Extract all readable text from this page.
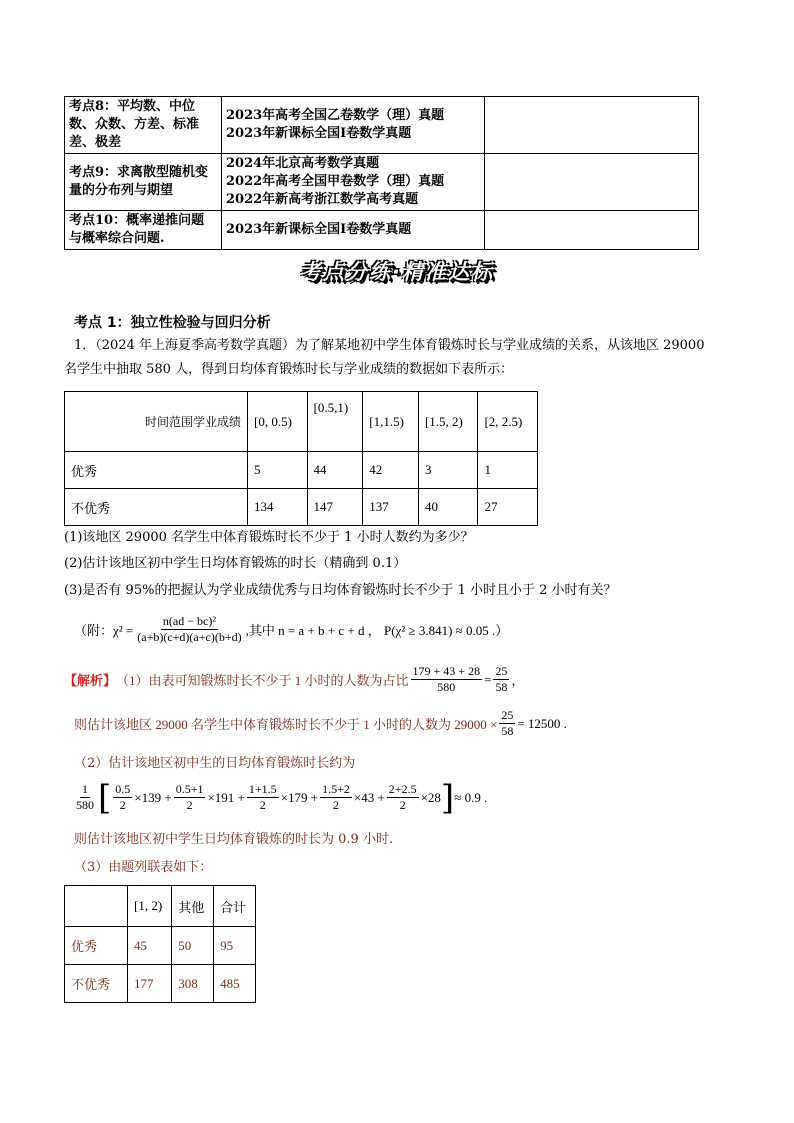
考点8：平均数、中位数、众数、方差、标准差、极差	2023年高考全国乙卷数学（理）真题
2023年新课标全国Ⅰ卷数学真题	

考点9：求离散型随机变量的分布列与期望	2024年北京高考数学真题
2022年高考全国甲卷数学（理）真题
2022年新高考浙江数学高考真题	

考点10：概率递推问题与概率综合问题.	2023年新课标全国Ⅰ卷数学真题	

考点分练·精准达标
考点 1：独立性检验与回归分析
1．（2024 年上海夏季高考数学真题）为了解某地初中学生体育锻炼时长与学业成绩的关系，从该地区 29000
名学生中抽取 580 人，得到日均体育锻炼时长与学业成绩的数据如下表所示：
时间范围学业成绩	[0, 0.5)	[0.5,1)	[1,1.5)	[1.5, 2)	[2, 2.5)
优秀	5	44	42	3	1
不优秀	134	147	137	40	27
(1)该地区 29000 名学生中体育锻炼时长不少于 1 小时人数约为多少？
(2)估计该地区初中学生日均体育锻炼的时长（精确到 0.1）
(3)是否有 95%的把握认为学业成绩优秀与日均体育锻炼时长不少于 1 小时且小于 2 小时有关？
（附：$\chi^2 = \frac{\text{n(ad − bc)²}}{(a+b)(c+d)(a+c)(b+d)}$ ,其中 n = a + b + c + d ， P(χ² ≥ 3.841) ≈ 0.05 .）
【解析】 （1）由表可知锻炼时长不少于 1 小时的人数为占比 $\frac{179 + 43 + 28}{580} = \frac{25}{58}$ ，
则估计该地区 29000 名学生中体育锻炼时长不少于 1 小时的人数为 $29000 \times \frac{25}{58} = 12500$ .
（2）估计该地区初中生的日均体育锻炼时长约为
$\frac{1}{580}$ [ $\frac{0.5}{2} \times 139 + \frac{0.5+1}{2} \times 191 + \frac{1+1.5}{2} \times 179 + \frac{1.5+2}{2} \times 43 + \frac{2+2.5}{2} \times 28$ ] ≈ 0.9 .
则估计该地区初中学生日均体育锻炼的时长为 0.9 小时.
（3）由题列联表如下：
	[1, 2)	其他	合计
优秀	45	50	95
不优秀	177	308	485
